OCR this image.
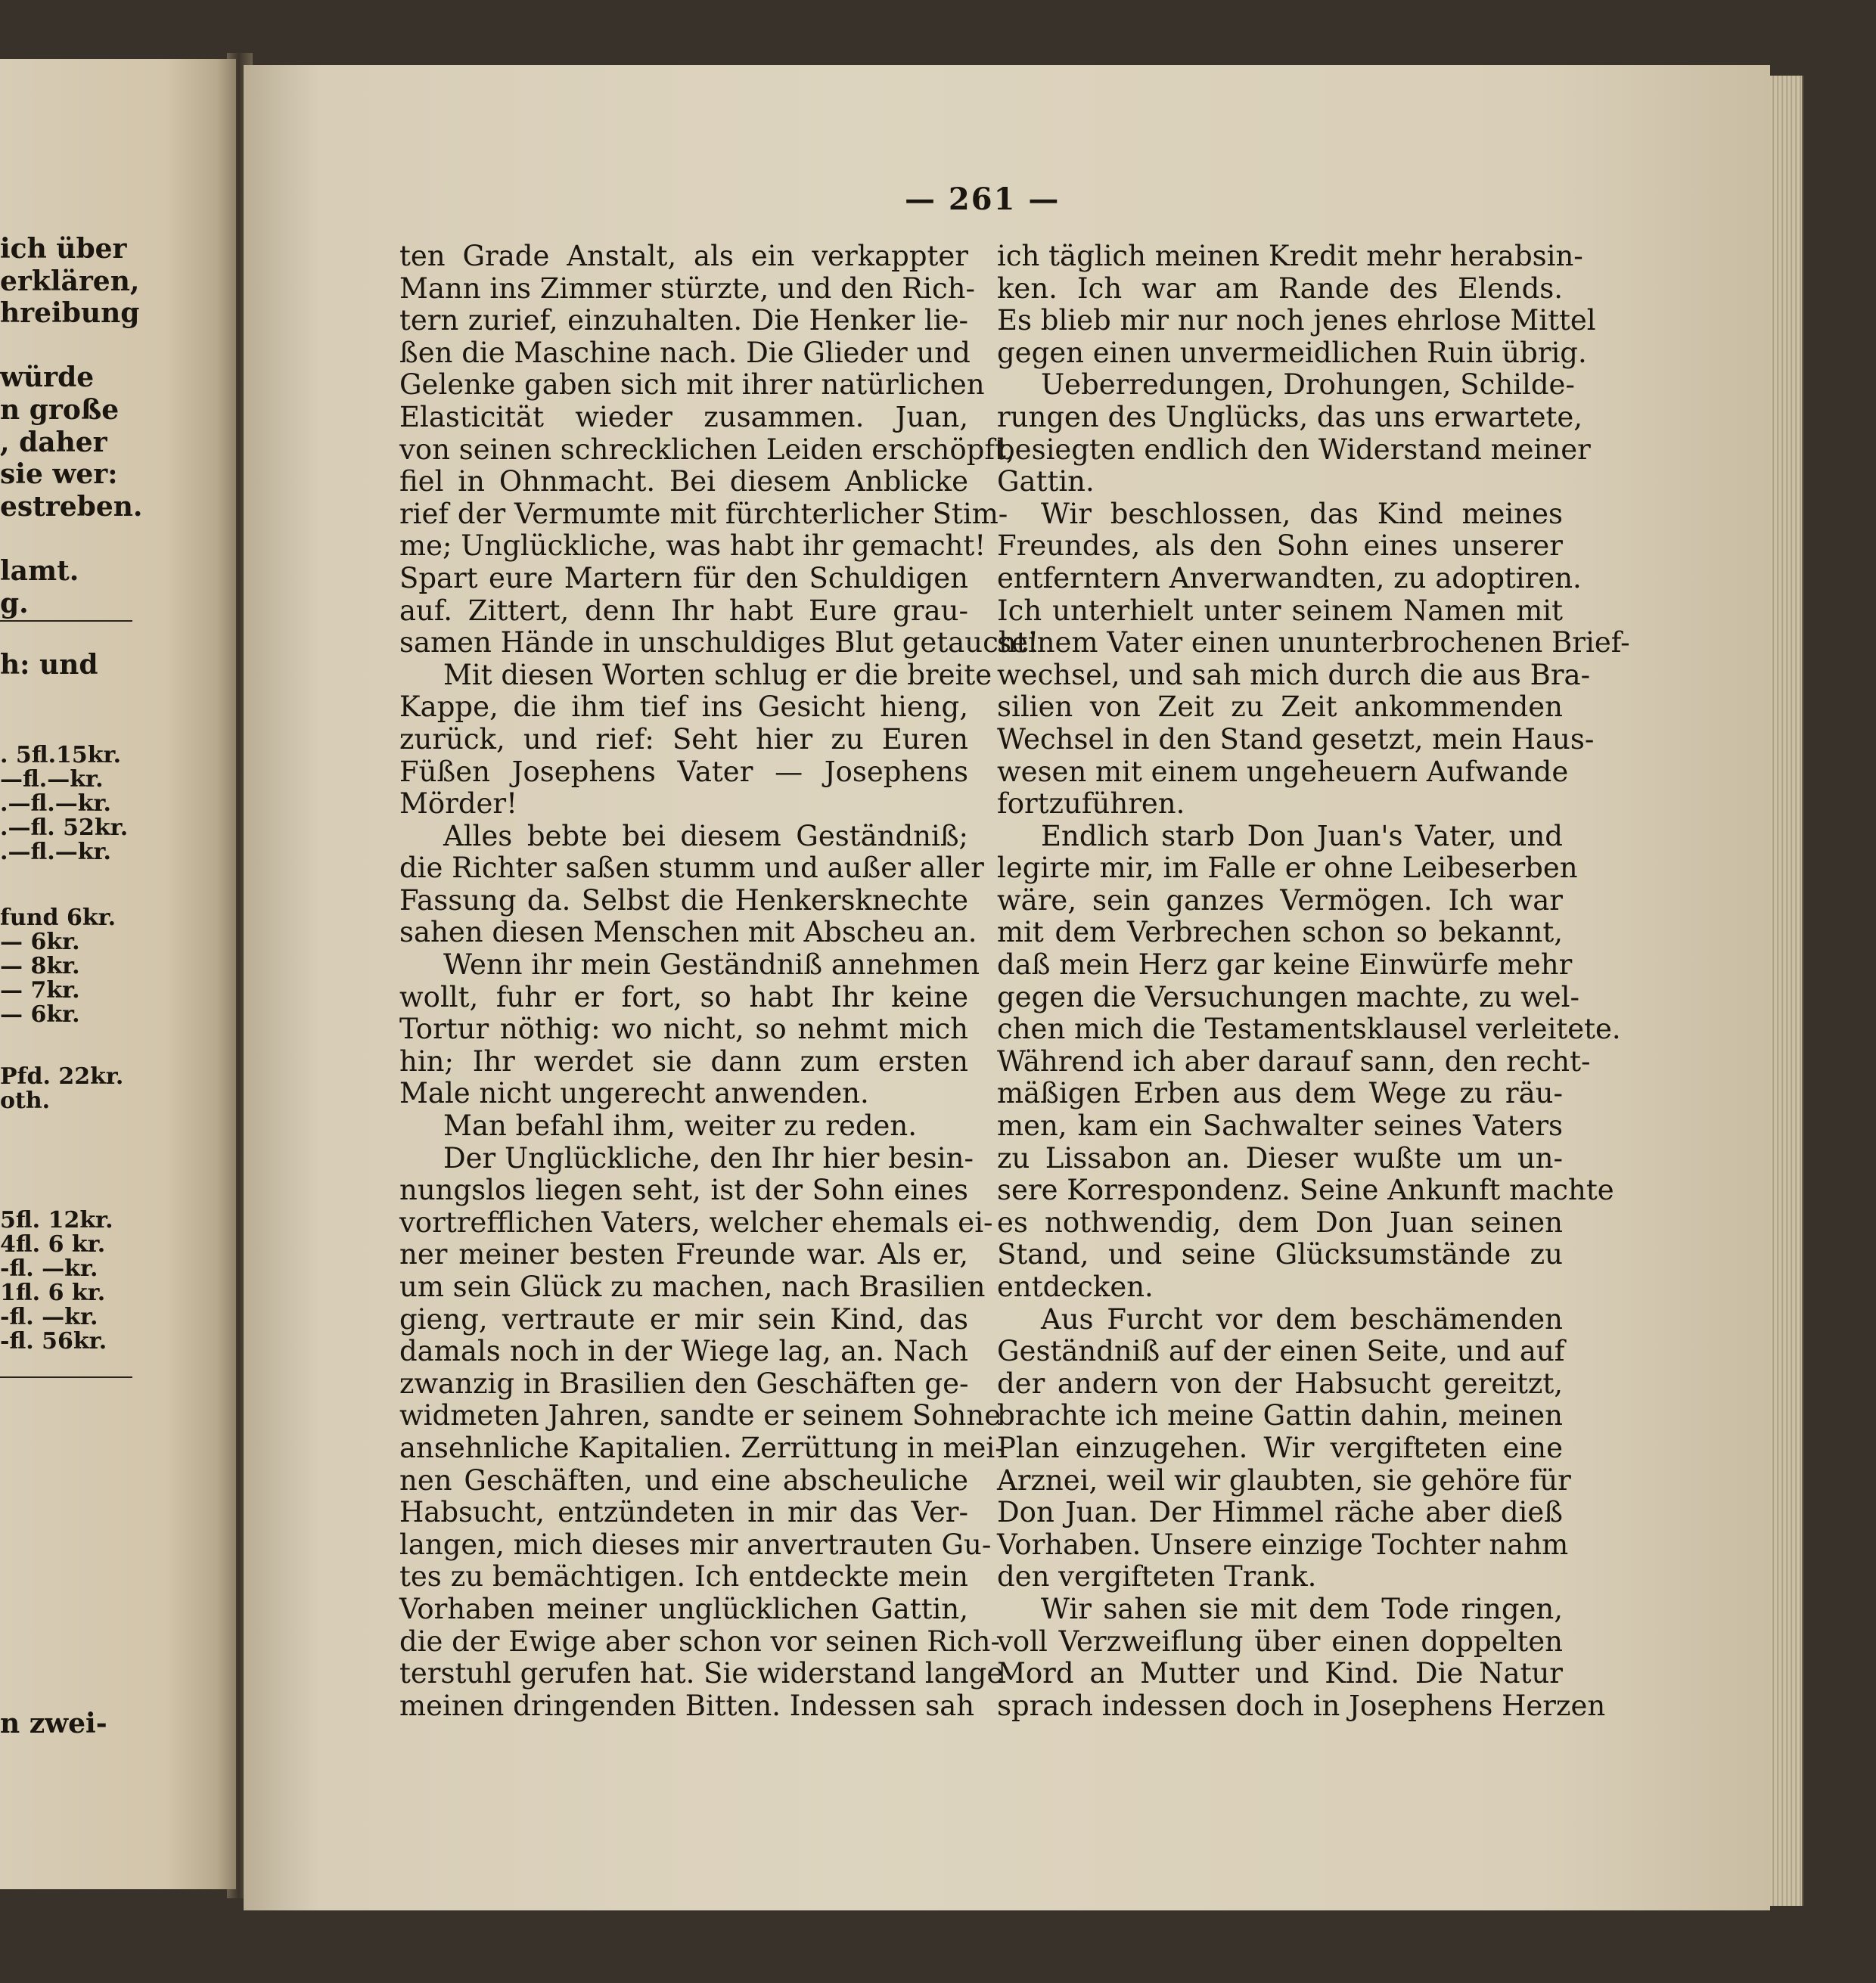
ich über
erklären,
hreibung
würde
n große
, daher
sie wer:
estreben.
lamt.
g.
h: und
. 5fl.15kr.
—fl.—kr.
.—fl.—kr.
.—fl. 52kr.
.—fl.—kr.
fund 6kr.
— 6kr.
— 8kr.
— 7kr.
— 6kr.
Pfd. 22kr.
oth.
5fl. 12kr.
4fl. 6 kr.
-fl. —kr.
1fl. 6 kr.
-fl. —kr.
-fl. 56kr.
n zwei-
— 261 —
ten Grade Anstalt, als ein verkappter
Mann ins Zimmer stürzte, und den Rich-
tern zurief, einzuhalten. Die Henker lie-
ßen die Maschine nach. Die Glieder und
Gelenke gaben sich mit ihrer natürlichen
Elasticität wieder zusammen. Juan,
von seinen schrecklichen Leiden erschöpft,
fiel in Ohnmacht. Bei diesem Anblicke
rief der Vermumte mit fürchterlicher Stim-
me; Unglückliche, was habt ihr gemacht!
Spart eure Martern für den Schuldigen
auf. Zittert, denn Ihr habt Eure grau-
samen Hände in unschuldiges Blut getaucht!
Mit diesen Worten schlug er die breite
Kappe, die ihm tief ins Gesicht hieng,
zurück, und rief: Seht hier zu Euren
Füßen Josephens Vater — Josephens
Mörder!
Alles bebte bei diesem Geständniß;
die Richter saßen stumm und außer aller
Fassung da. Selbst die Henkersknechte
sahen diesen Menschen mit Abscheu an.
Wenn ihr mein Geständniß annehmen
wollt, fuhr er fort, so habt Ihr keine
Tortur nöthig: wo nicht, so nehmt mich
hin; Ihr werdet sie dann zum ersten
Male nicht ungerecht anwenden.
Man befahl ihm, weiter zu reden.
Der Unglückliche, den Ihr hier besin-
nungslos liegen seht, ist der Sohn eines
vortrefflichen Vaters, welcher ehemals ei-
ner meiner besten Freunde war. Als er,
um sein Glück zu machen, nach Brasilien
gieng, vertraute er mir sein Kind, das
damals noch in der Wiege lag, an. Nach
zwanzig in Brasilien den Geschäften ge-
widmeten Jahren, sandte er seinem Sohne
ansehnliche Kapitalien. Zerrüttung in mei-
nen Geschäften, und eine abscheuliche
Habsucht, entzündeten in mir das Ver-
langen, mich dieses mir anvertrauten Gu-
tes zu bemächtigen. Ich entdeckte mein
Vorhaben meiner unglücklichen Gattin,
die der Ewige aber schon vor seinen Rich-
terstuhl gerufen hat. Sie widerstand lange
meinen dringenden Bitten. Indessen sah
ich täglich meinen Kredit mehr herabsin-
ken. Ich war am Rande des Elends.
Es blieb mir nur noch jenes ehrlose Mittel
gegen einen unvermeidlichen Ruin übrig.
Ueberredungen, Drohungen, Schilde-
rungen des Unglücks, das uns erwartete,
besiegten endlich den Widerstand meiner
Gattin.
Wir beschlossen, das Kind meines
Freundes, als den Sohn eines unserer
entferntern Anverwandten, zu adoptiren.
Ich unterhielt unter seinem Namen mit
seinem Vater einen ununterbrochenen Brief-
wechsel, und sah mich durch die aus Bra-
silien von Zeit zu Zeit ankommenden
Wechsel in den Stand gesetzt, mein Haus-
wesen mit einem ungeheuern Aufwande
fortzuführen.
Endlich starb Don Juan's Vater, und
legirte mir, im Falle er ohne Leibeserben
wäre, sein ganzes Vermögen. Ich war
mit dem Verbrechen schon so bekannt,
daß mein Herz gar keine Einwürfe mehr
gegen die Versuchungen machte, zu wel-
chen mich die Testamentsklausel verleitete.
Während ich aber darauf sann, den recht-
mäßigen Erben aus dem Wege zu räu-
men, kam ein Sachwalter seines Vaters
zu Lissabon an. Dieser wußte um un-
sere Korrespondenz. Seine Ankunft machte
es nothwendig, dem Don Juan seinen
Stand, und seine Glücksumstände zu
entdecken.
Aus Furcht vor dem beschämenden
Geständniß auf der einen Seite, und auf
der andern von der Habsucht gereitzt,
brachte ich meine Gattin dahin, meinen
Plan einzugehen. Wir vergifteten eine
Arznei, weil wir glaubten, sie gehöre für
Don Juan. Der Himmel räche aber dieß
Vorhaben. Unsere einzige Tochter nahm
den vergifteten Trank.
Wir sahen sie mit dem Tode ringen,
voll Verzweiflung über einen doppelten
Mord an Mutter und Kind. Die Natur
sprach indessen doch in Josephens Herzen
